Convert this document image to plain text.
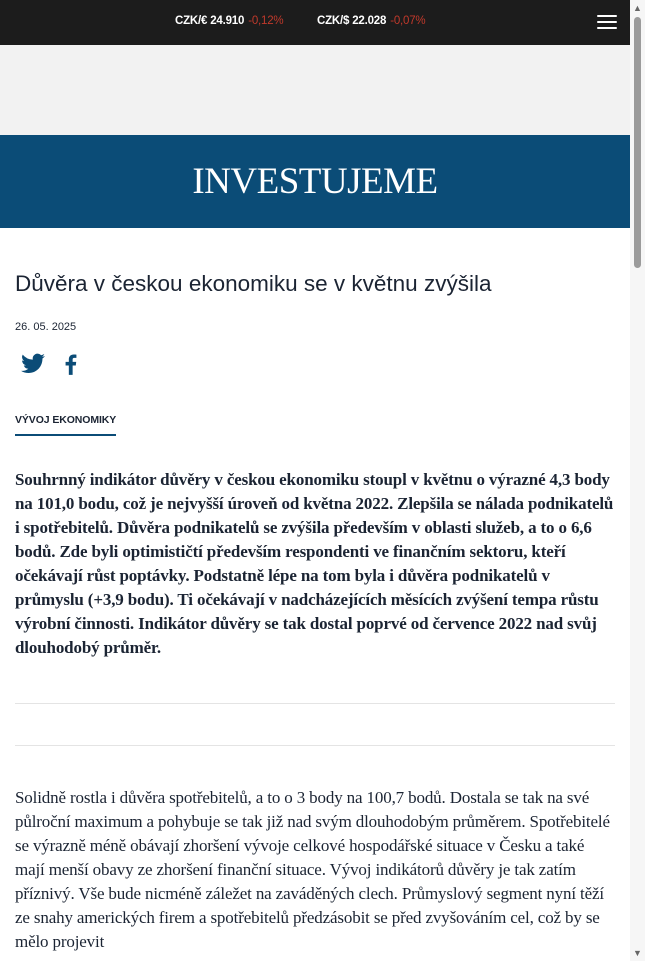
CZK/€ 24.910 -0,12%	CZK/$ 22.028 -0,07%
INVESTUJEME
Důvěra v českou ekonomiku se v květnu zvýšila
26. 05. 2025
VÝVOJ EKONOMIKY

Souhrnný indikátor důvěry v českou ekonomiku stoupl v květnu o výrazné 4,3 body na 101,0 bodu, což je nejvyšší úroveň od května 2022. Zlepšila se nálada podnikatelů i spotřebitelů. Důvěra podnikatelů se zvýšila především v oblasti služeb, a to o 6,6 bodů. Zde byli optimističtí především respondenti ve finančním sektoru, kteří očekávají růst poptávky. Podstatně lépe na tom byla i důvěra podnikatelů v průmyslu (+3,9 bodu). Ti očekávají v nadcházejících měsících zvýšení tempa růstu výrobní činnosti. Indikátor důvěry se tak dostal poprvé od července 2022 nad svůj dlouhodobý průměr.

Solidně rostla i důvěra spotřebitelů, a to o 3 body na 100,7 bodů. Dostala se tak na své půlroční maximum a pohybuje se tak již nad svým dlouhodobým průměrem. Spotřebitelé se výrazně méně obávají zhoršení vývoje celkové hospodářské situace v Česku a také mají menší obavy ze zhoršení finanční situace. Vývoj indikátorů důvěry je tak zatím příznivý. Vše bude nicméně záležet na zaváděných clech. Průmyslový segment nyní těží ze snahy amerických firem a spotřebitelů předzásobit se před zvyšováním cel, což by se mělo projevit

▲
▼
